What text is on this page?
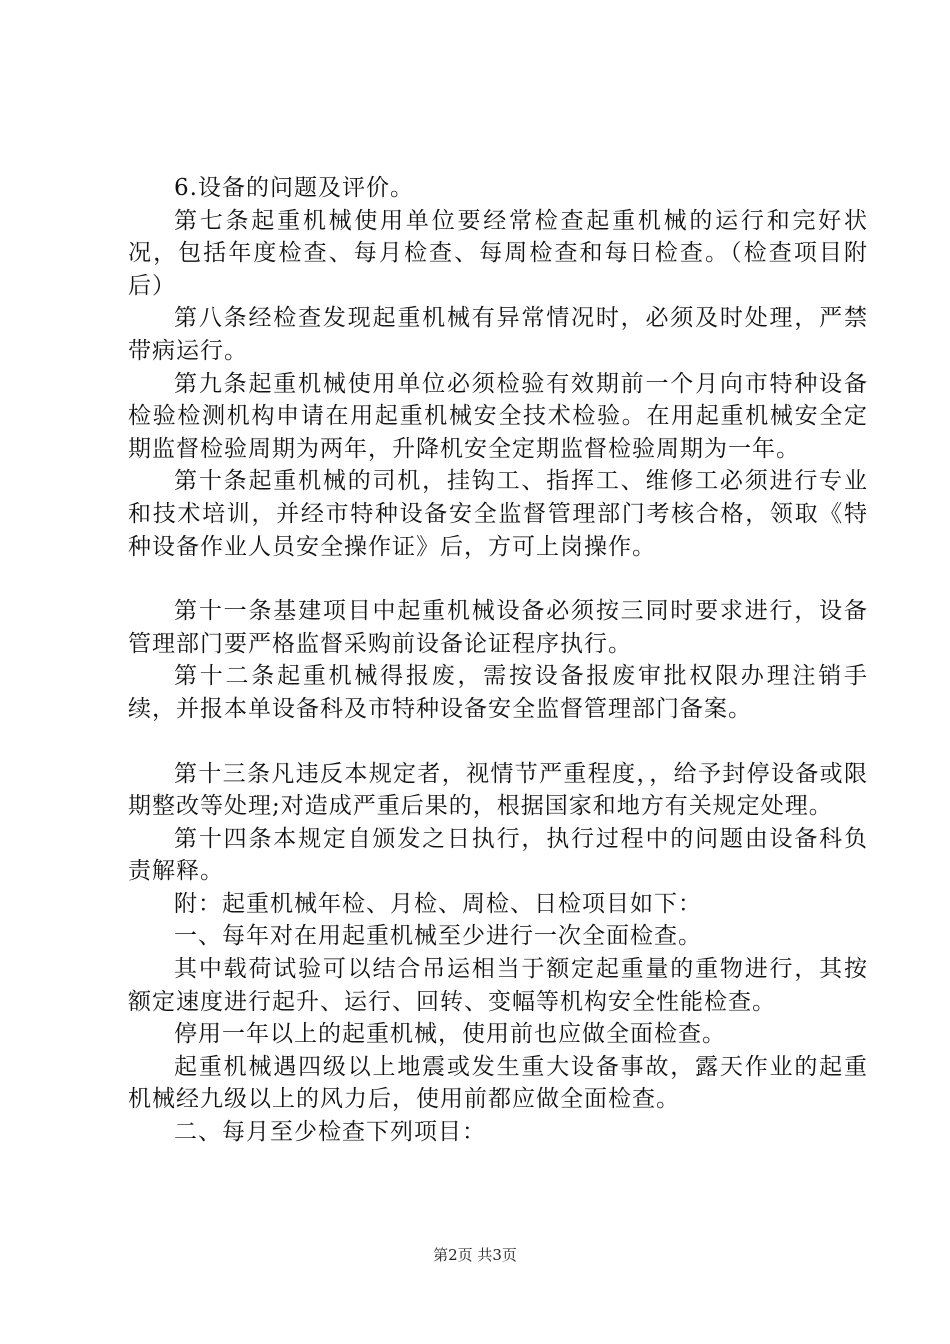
6.设备的问题及评价。

第七条起重机械使用单位要经常检查起重机械的运行和完好状况，包括年度检查、每月检查、每周检查和每日检查。（检查项目附后）

第八条经检查发现起重机械有异常情况时，必须及时处理，严禁带病运行。

第九条起重机械使用单位必须检验有效期前一个月向市特种设备检验检测机构申请在用起重机械安全技术检验。在用起重机械安全定期监督检验周期为两年，升降机安全定期监督检验周期为一年。

第十条起重机械的司机，挂钩工、指挥工、维修工必须进行专业和技术培训，并经市特种设备安全监督管理部门考核合格，领取《特种设备作业人员安全操作证》后，方可上岗操作。

第十一条基建项目中起重机械设备必须按三同时要求进行，设备管理部门要严格监督采购前设备论证程序执行。

第十二条起重机械得报废，需按设备报废审批权限办理注销手续，并报本单设备科及市特种设备安全监督管理部门备案。

第十三条凡违反本规定者，视情节严重程度，，给予封停设备或限期整改等处理;对造成严重后果的，根据国家和地方有关规定处理。

第十四条本规定自颁发之日执行，执行过程中的问题由设备科负责解释。

附：起重机械年检、月检、周检、日检项目如下：

一、每年对在用起重机械至少进行一次全面检查。

其中载荷试验可以结合吊运相当于额定起重量的重物进行，其按额定速度进行起升、运行、回转、变幅等机构安全性能检查。

停用一年以上的起重机械，使用前也应做全面检查。

起重机械遇四级以上地震或发生重大设备事故，露天作业的起重机械经九级以上的风力后，使用前都应做全面检查。

二、每月至少检查下列项目：

第2页 共3页
